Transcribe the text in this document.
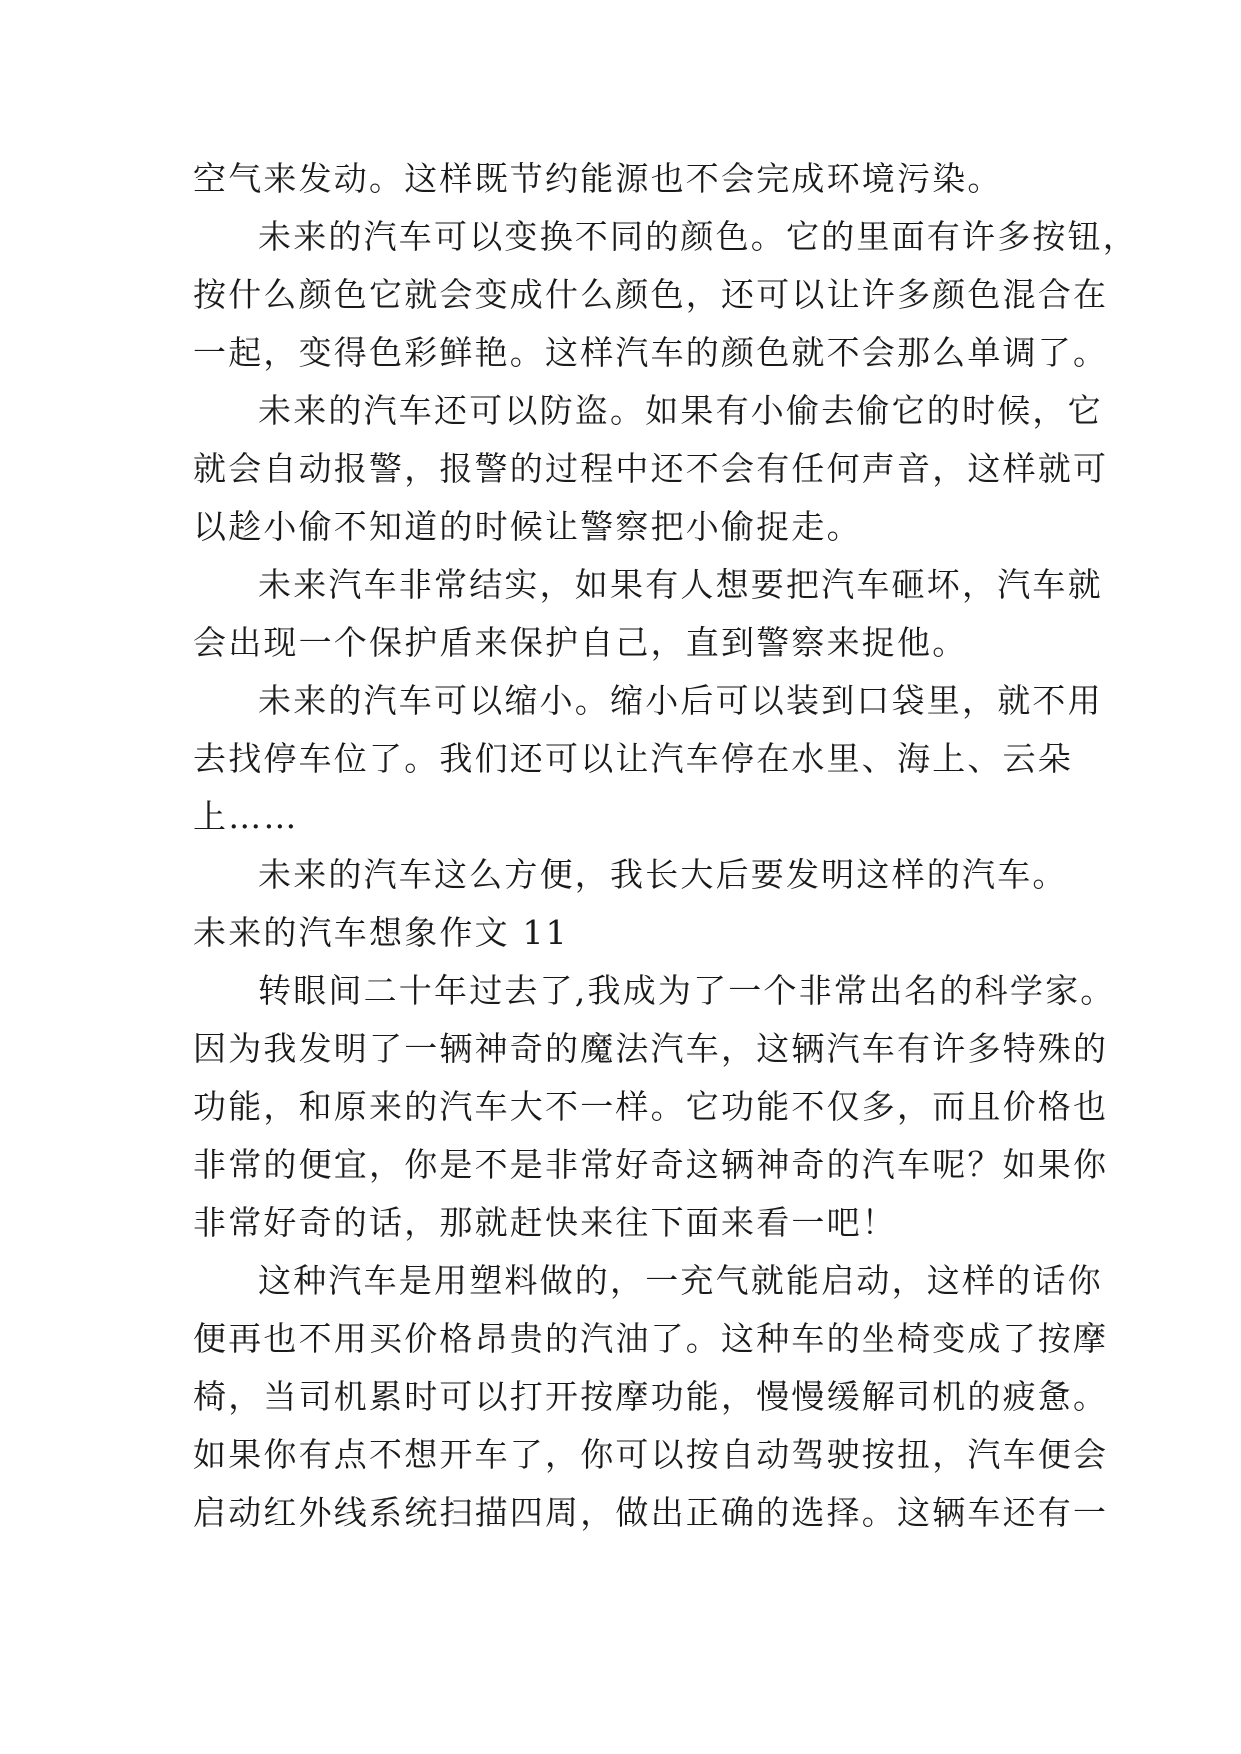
空气来发动。这样既节约能源也不会完成环境污染。
未来的汽车可以变换不同的颜色。它的里面有许多按钮，
按什么颜色它就会变成什么颜色，还可以让许多颜色混合在
一起，变得色彩鲜艳。这样汽车的颜色就不会那么单调了。
未来的汽车还可以防盗。如果有小偷去偷它的时候，它
就会自动报警，报警的过程中还不会有任何声音，这样就可
以趁小偷不知道的时候让警察把小偷捉走。
未来汽车非常结实，如果有人想要把汽车砸坏，汽车就
会出现一个保护盾来保护自己，直到警察来捉他。
未来的汽车可以缩小。缩小后可以装到口袋里，就不用
去找停车位了。我们还可以让汽车停在水里、海上、云朵
上……
未来的汽车这么方便，我长大后要发明这样的汽车。
未来的汽车想象作文 11
转眼间二十年过去了,我成为了一个非常出名的科学家。
因为我发明了一辆神奇的魔法汽车，这辆汽车有许多特殊的
功能，和原来的汽车大不一样。它功能不仅多，而且价格也
非常的便宜，你是不是非常好奇这辆神奇的汽车呢？如果你
非常好奇的话，那就赶快来往下面来看一吧！
这种汽车是用塑料做的，一充气就能启动，这样的话你
便再也不用买价格昂贵的汽油了。这种车的坐椅变成了按摩
椅，当司机累时可以打开按摩功能，慢慢缓解司机的疲惫。
如果你有点不想开车了，你可以按自动驾驶按扭，汽车便会
启动红外线系统扫描四周，做出正确的选择。这辆车还有一
